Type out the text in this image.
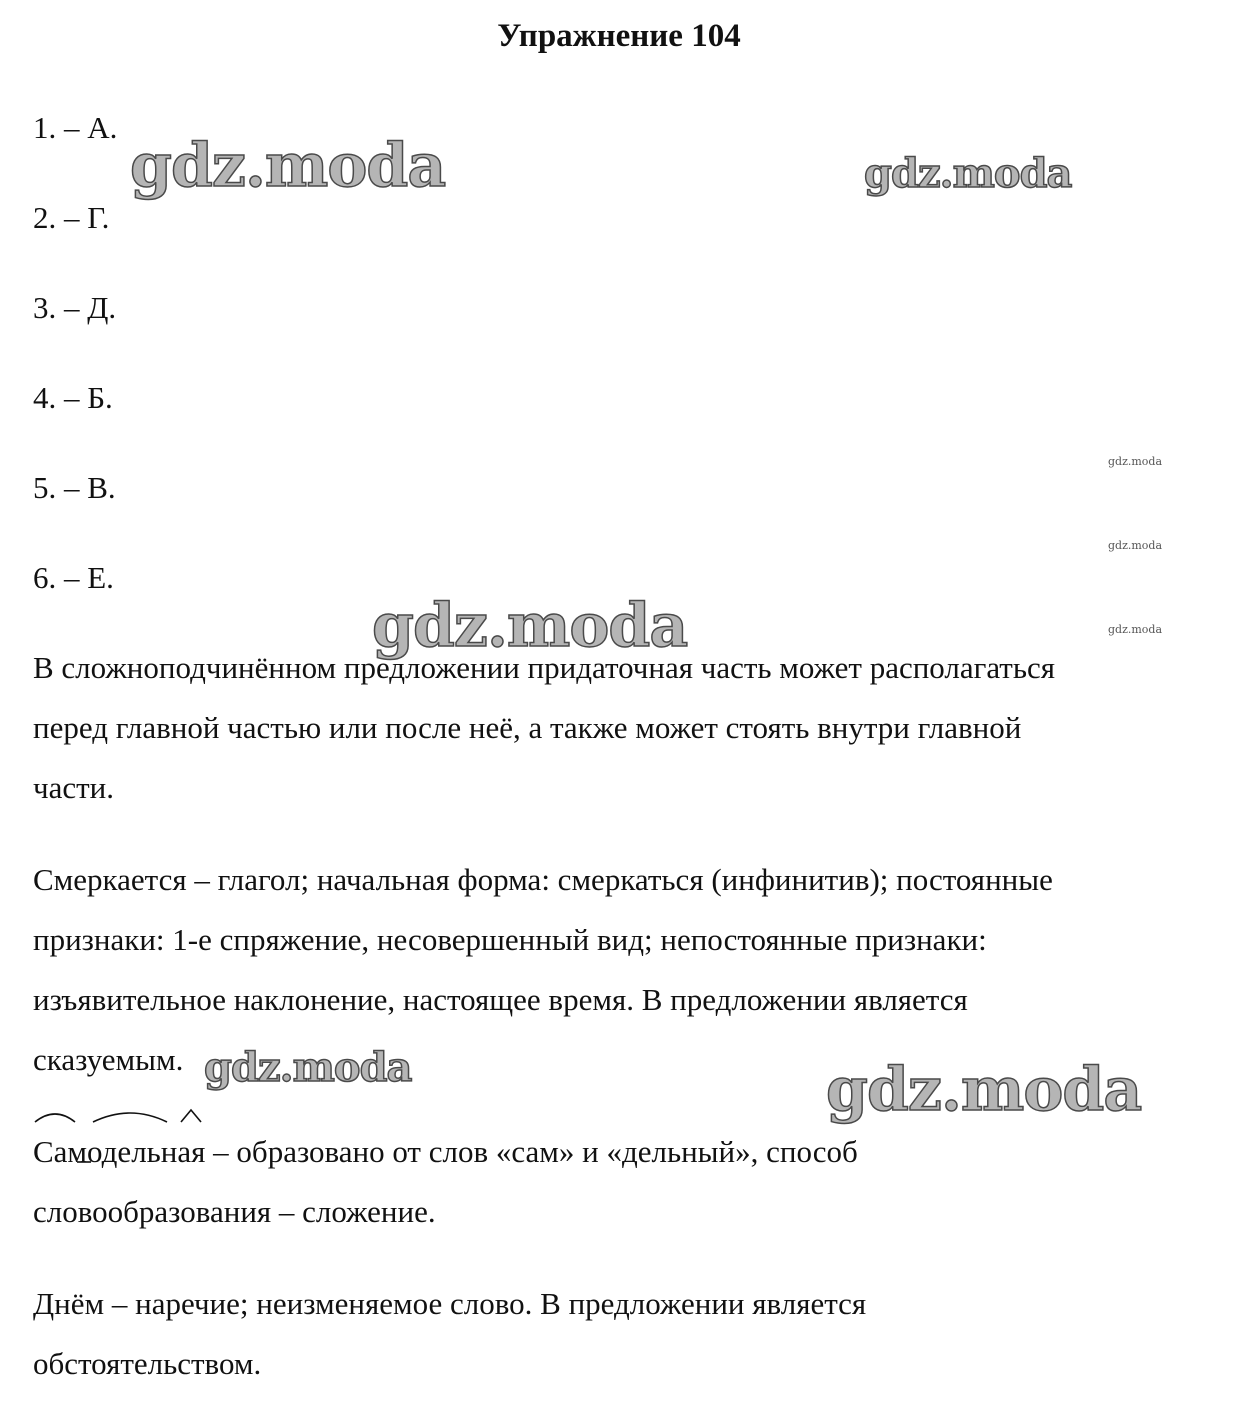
Упражнение 104
1. – А.
2. – Г.
3. – Д.
4. – Б.
5. – В.
6. – Е.
В сложноподчинённом предложении придаточная часть может располагаться
перед главной частью или после неё, а также может стоять внутри главной
части.
Смеркается – глагол; начальная форма: смеркаться (инфинитив); постоянные
признаки: 1-е спряжение, несовершенный вид; непостоянные признаки:
изъявительное наклонение, настоящее время. В предложении является
сказуемым.
Самодельная – образовано от слов «сам» и «дельный», способ
словообразования – сложение.
Днём – наречие; неизменяемое слово. В предложении является
обстоятельством.
gdz.moda	gdz.moda
gdz.moda
gdz.moda	gdz.moda
gdz.moda
gdz.moda
gdz.moda
